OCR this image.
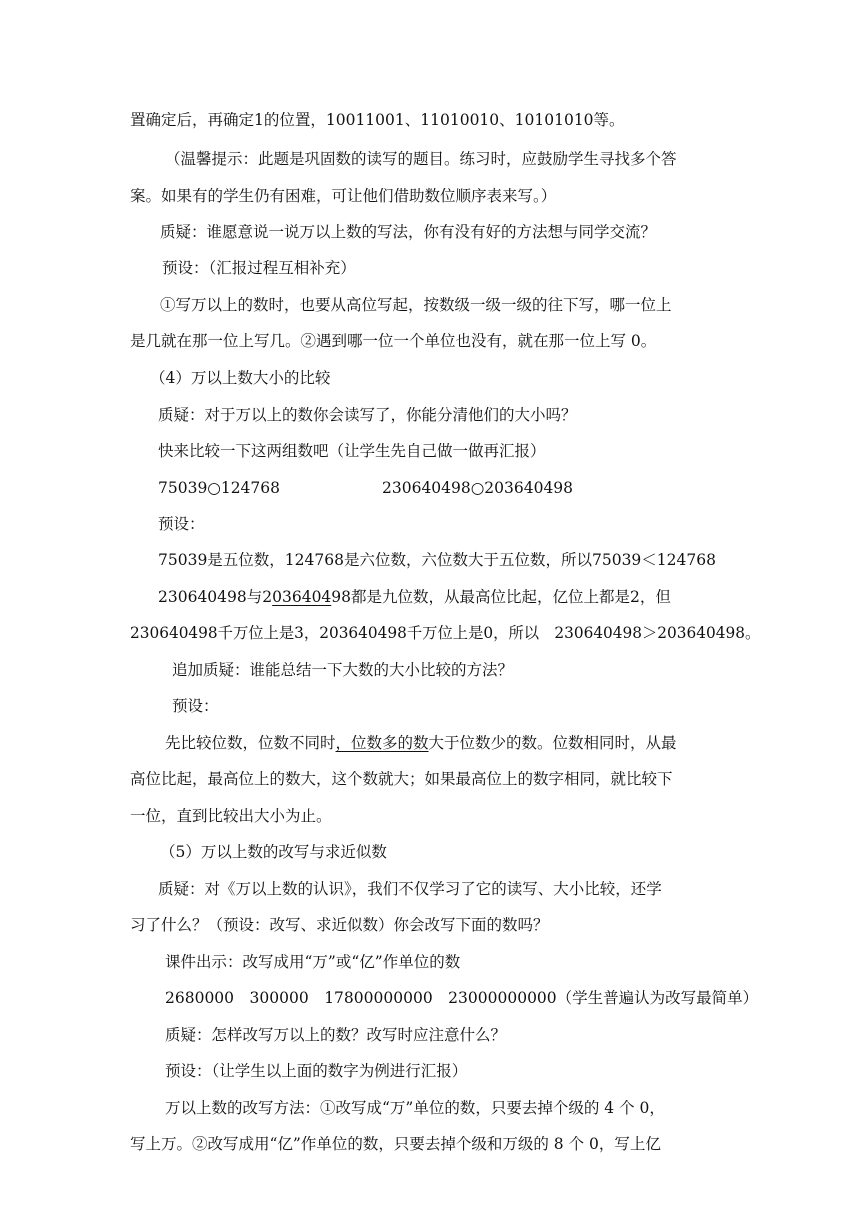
置确定后，再确定1的位置，10011001、11010010、10101010等。
（温馨提示：此题是巩固数的读写的题目。练习时，应鼓励学生寻找多个答
案。如果有的学生仍有困难，可让他们借助数位顺序表来写。）
质疑：谁愿意说一说万以上数的写法，你有没有好的方法想与同学交流？
预设：（汇报过程互相补充）
①写万以上的数时，也要从高位写起，按数级一级一级的往下写，哪一位上
是几就在那一位上写几。②遇到哪一位一个单位也没有，就在那一位上写 0。
（4）万以上数大小的比较
质疑：对于万以上的数你会读写了，你能分清他们的大小吗？
快来比较一下这两组数吧（让学生先自己做一做再汇报）
75039○124768	230640498○203640498
预设：
75039是五位数，124768是六位数，六位数大于五位数，所以75039＜124768
230640498与203640498都是九位数，从最高位比起，亿位上都是2，但
230640498千万位上是3，203640498千万位上是0，所以　230640498＞203640498。
追加质疑：谁能总结一下大数的大小比较的方法？
预设：
先比较位数，位数不同时，位数多的数大于位数少的数。位数相同时，从最
高位比起，最高位上的数大，这个数就大；如果最高位上的数字相同，就比较下
一位，直到比较出大小为止。
（5）万以上数的改写与求近似数
质疑：对《万以上数的认识》，我们不仅学习了它的读写、大小比较，还学
习了什么？（预设：改写、求近似数）你会改写下面的数吗？
课件出示：改写成用“万”或“亿”作单位的数
2680000　300000　17800000000　23000000000（学生普遍认为改写最简单）
质疑：怎样改写万以上的数？改写时应注意什么？
预设：（让学生以上面的数字为例进行汇报）
万以上数的改写方法：①改写成“万”单位的数，只要去掉个级的 4 个 0，
写上万。②改写成用“亿”作单位的数，只要去掉个级和万级的 8 个 0，写上亿
